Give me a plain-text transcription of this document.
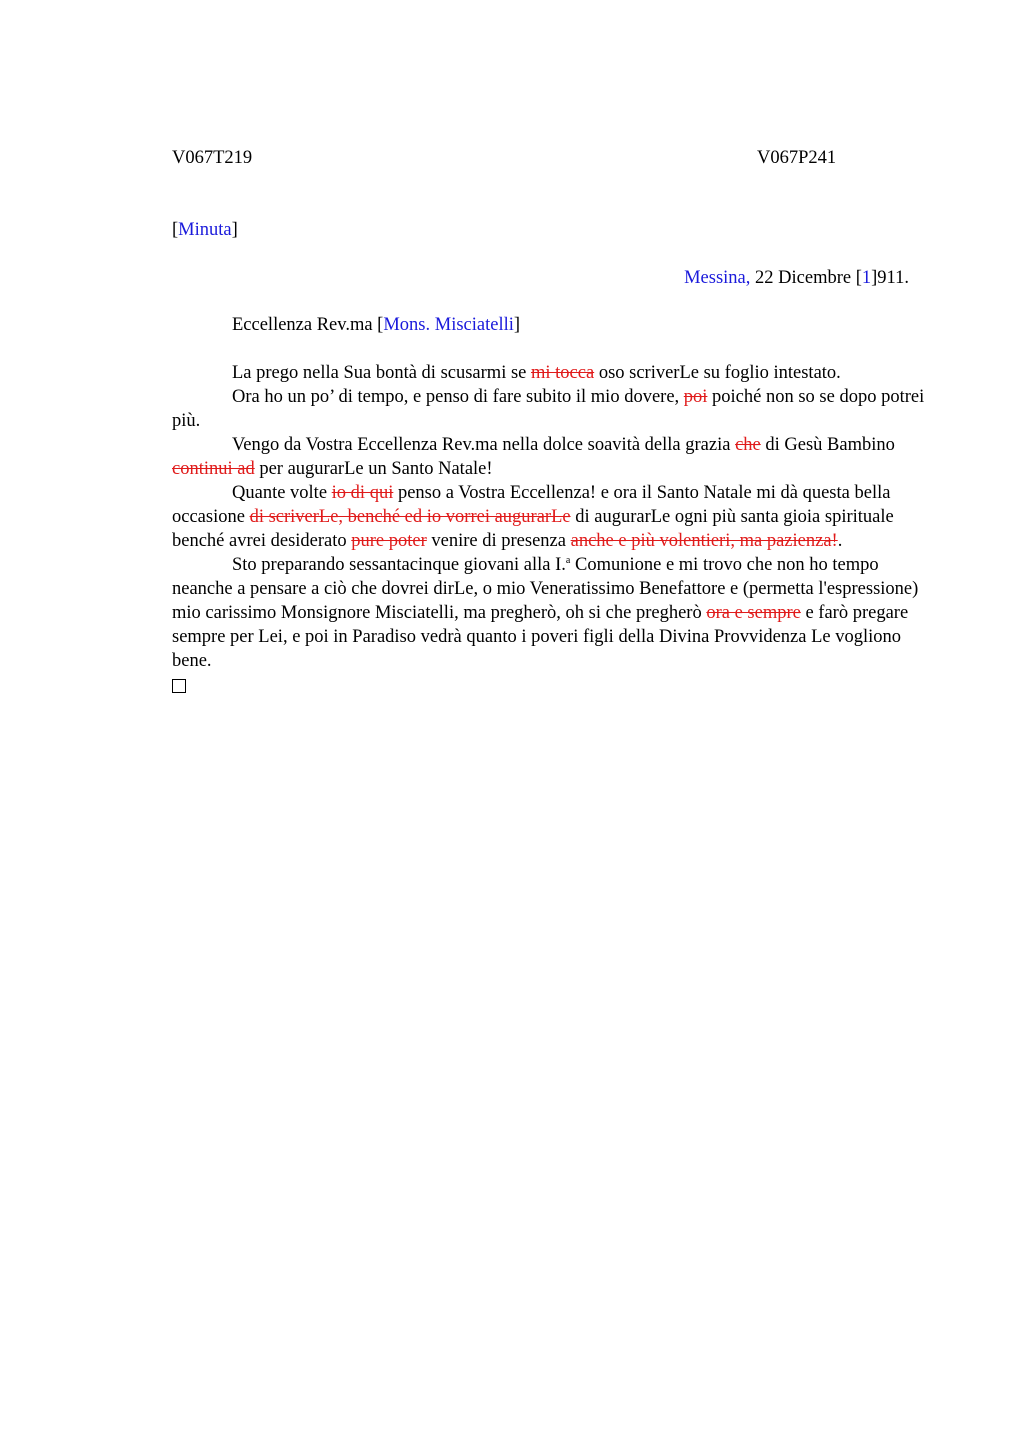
V067T219	V067P241
[Minuta]
Messina, 22 Dicembre [1]911.
Eccellenza Rev.ma [Mons. Misciatelli]

La prego nella Sua bontà di scusarmi se mi tocca oso scriverLe su foglio intestato.

Ora ho un po’ di tempo, e penso di fare subito il mio dovere, poi poiché non so se dopo potrei più.

Vengo da Vostra Eccellenza Rev.ma nella dolce soavità della grazia che di Gesù Bambino continui ad per augurarLe un Santo Natale!

Quante volte io di qui penso a Vostra Eccellenza! e ora il Santo Natale mi dà questa bella occasione di scriverLe, benché ed io vorrei augurarLe di augurarLe ogni più santa gioia spirituale benché avrei desiderato pure poter venire di presenza anche e più volentieri, ma pazienza!.

Sto preparando sessantacinque giovani alla I.$^a$ Comunione e mi trovo che non ho tempo neanche a pensare a ciò che dovrei dirLe, o mio Veneratissimo Benefattore e (permetta l'espressione) mio carissimo Monsignore Misciatelli, ma pregherò, oh si che pregherò ora e sempre e farò pregare sempre per Lei, e poi in Paradiso vedrà quanto i poveri figli della Divina Provvidenza Le vogliono bene.
